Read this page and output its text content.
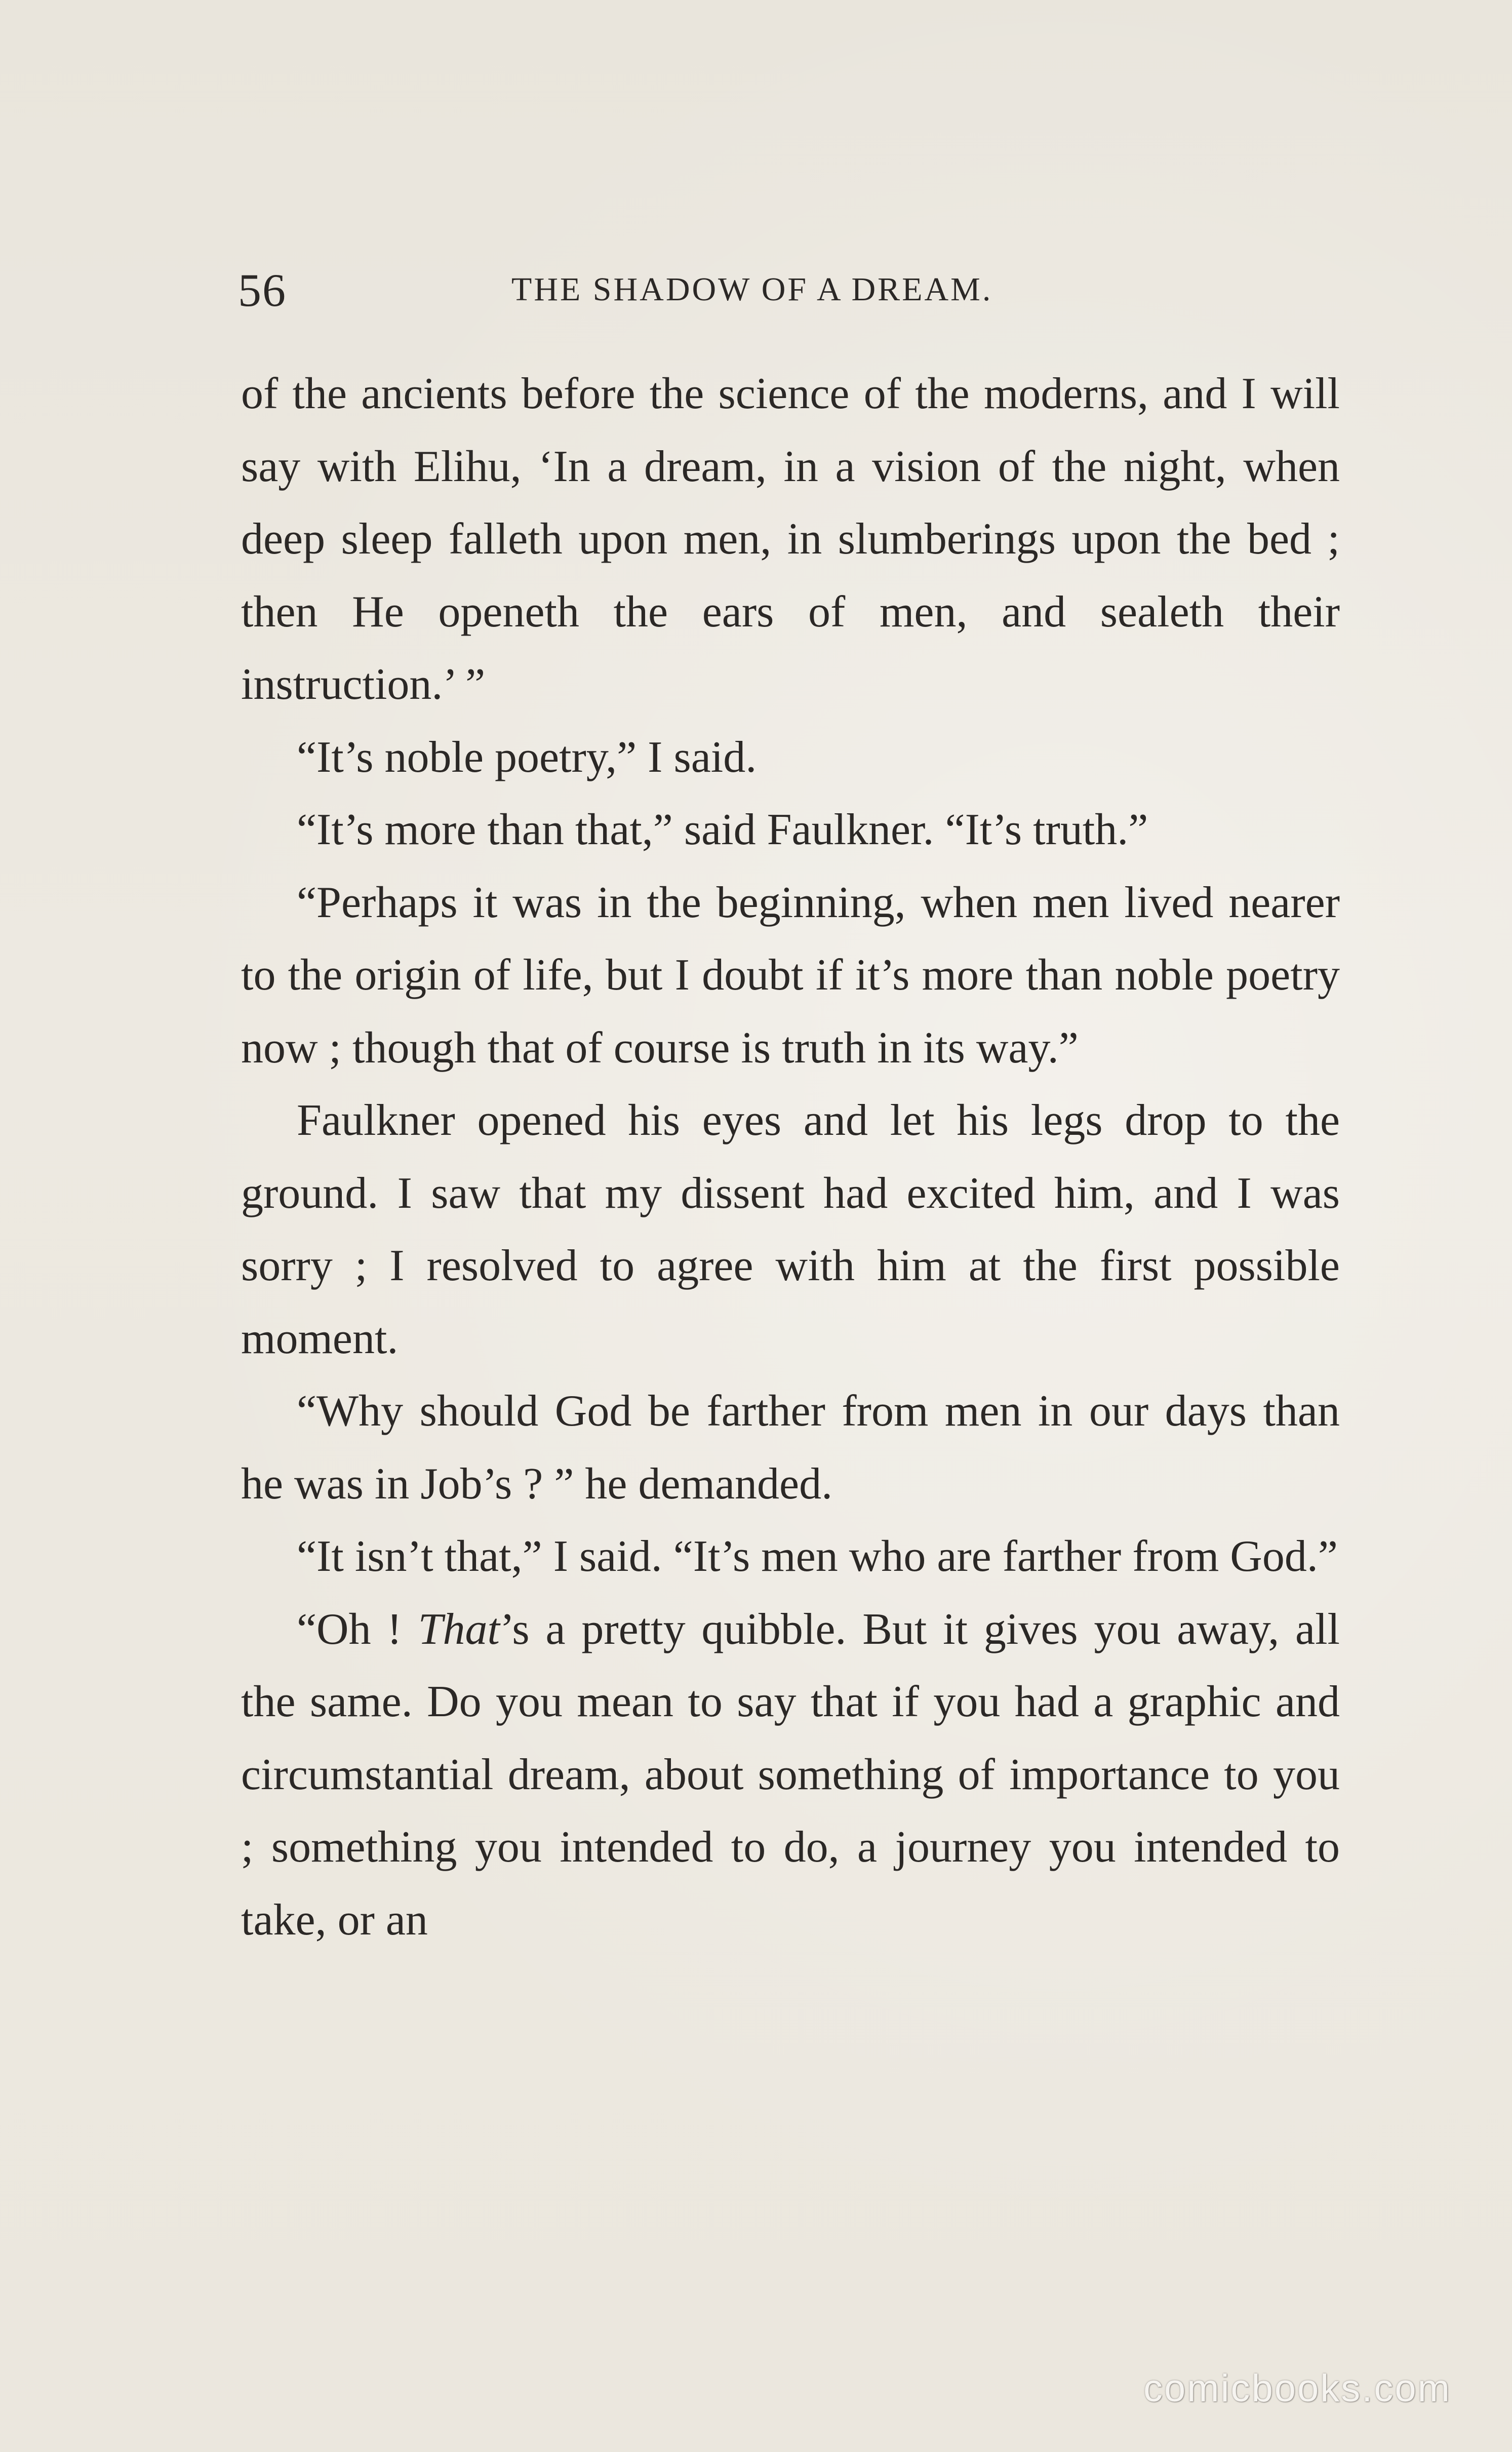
56	THE SHADOW OF A DREAM.

of the ancients before the science of the moderns, and I will say with Elihu, ‘In a dream, in a vision of the night, when deep sleep falleth upon men, in slumberings upon the bed ; then He openeth the ears of men, and sealeth their instruction.’ ”

“It’s noble poetry,” I said.

“It’s more than that,” said Faulkner. “It’s truth.”

“Perhaps it was in the beginning, when men lived nearer to the origin of life, but I doubt if it’s more than noble poetry now ; though that of course is truth in its way.”

Faulkner opened his eyes and let his legs drop to the ground. I saw that my dissent had excited him, and I was sorry ; I resolved to agree with him at the first possible moment.

“Why should God be farther from men in our days than he was in Job’s ? ” he demanded.

“It isn’t that,” I said. “It’s men who are farther from God.”

“Oh ! That’s a pretty quibble. But it gives you away, all the same. Do you mean to say that if you had a graphic and circumstantial dream, about something of importance to you ; something you intended to do, a journey you intended to take, or an

comicbooks.com
